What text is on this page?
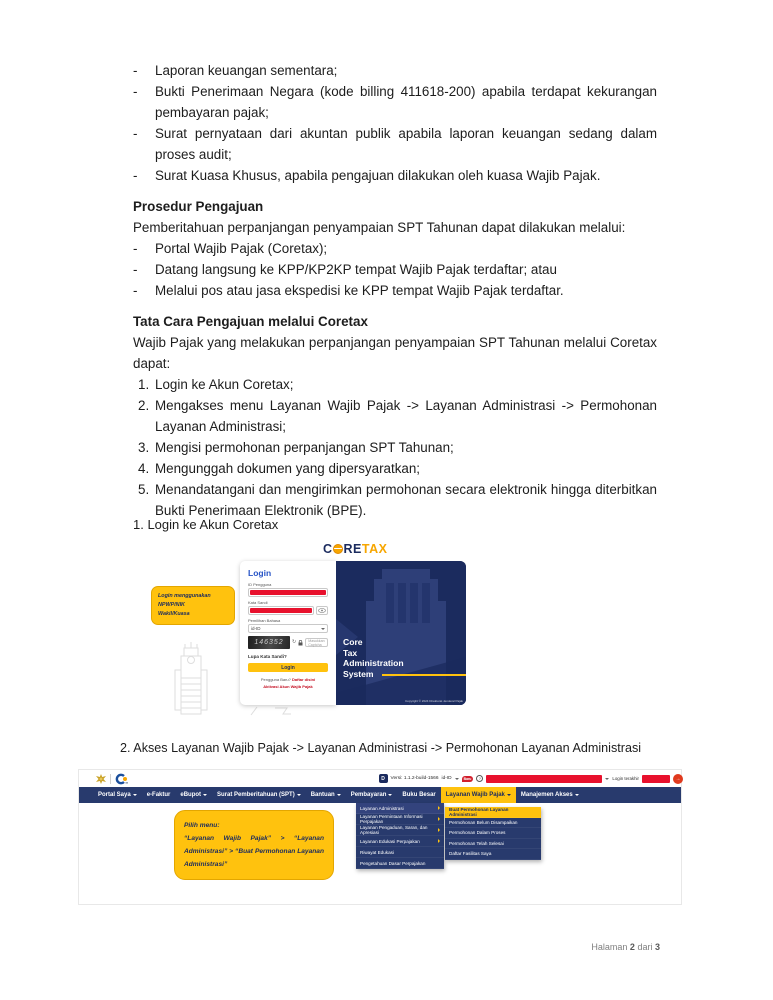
-	Laporan keuangan sementara;
-	Bukti Penerimaan Negara (kode billing 411618-200) apabila terdapat kekurangan pembayaran pajak;
-	Surat pernyataan dari akuntan publik apabila laporan keuangan sedang dalam proses audit;
-	Surat Kuasa Khusus, apabila pengajuan dilakukan oleh kuasa Wajib Pajak.
Prosedur Pengajuan
Pemberitahuan perpanjangan penyampaian SPT Tahunan dapat dilakukan melalui:
-	Portal Wajib Pajak (Coretax);
-	Datang langsung ke KPP/KP2KP tempat Wajib Pajak terdaftar; atau
-	Melalui pos atau jasa ekspedisi ke KPP tempat Wajib Pajak terdaftar.
Tata Cara Pengajuan melalui Coretax
Wajib Pajak yang melakukan perpanjangan penyampaian SPT Tahunan melalui Coretax dapat:
1. Login ke Akun Coretax;
2. Mengakses menu Layanan Wajib Pajak -> Layanan Administrasi -> Permohonan Layanan Administrasi;
3. Mengisi permohonan perpanjangan SPT Tahunan;
4. Mengunggah dokumen yang dipersyaratkan;
5. Menandatangani dan mengirimkan permohonan secara elektronik hingga diterbitkan Bukti Penerimaan Elektronik (BPE).
1. Login ke Akun Coretax
C RE TAX
Login menggunakan NPWP/NIK
Wakil/Kuasa
Login
ID Pengguna
Kata Sandi
Pemilihan Bahasa
id-ID
146352	↻	Masukkan Captcha
Lupa Kata Sandi?
Login
Pengguna Baru? Daftar disini
Aktivasi Akun Wajib Pajak
Core
Tax
Administration
System
Copyright © 2024 Direktorat Jenderal Pajak
2. Akses Layanan Wajib Pajak -> Layanan Administrasi -> Permohonan Layanan Administrasi
D	Versi: 1.1.2-build-1566 id-ID	Baru	?	Login terakhir	→
Portal Saya	e-Faktur eBupot	Surat Pemberitahuan (SPT)	Bantuan	Pembayaran	Buku Besar Layanan Wajib Pajak	Manajemen Akses
Layanan Administrasi
Layanan Permintaan Informasi Perpajakan
Layanan Pengaduan, Saran, dan Apresiasi
Layanan Edukasi Perpajakan
Riwayat Edukasi
Pengetahuan Dasar Perpajakan
Buat Permohonan Layanan Administrasi
Permohonan Belum Disampaikan
Permohonan Dalam Proses
Permohonan Telah Selesai
Daftar Fasilitas Saya
Pilih menu:
“Layanan Wajib Pajak” > “Layanan Administrasi” > “Buat Permohonan Layanan Administrasi”
Halaman 2 dari 3
